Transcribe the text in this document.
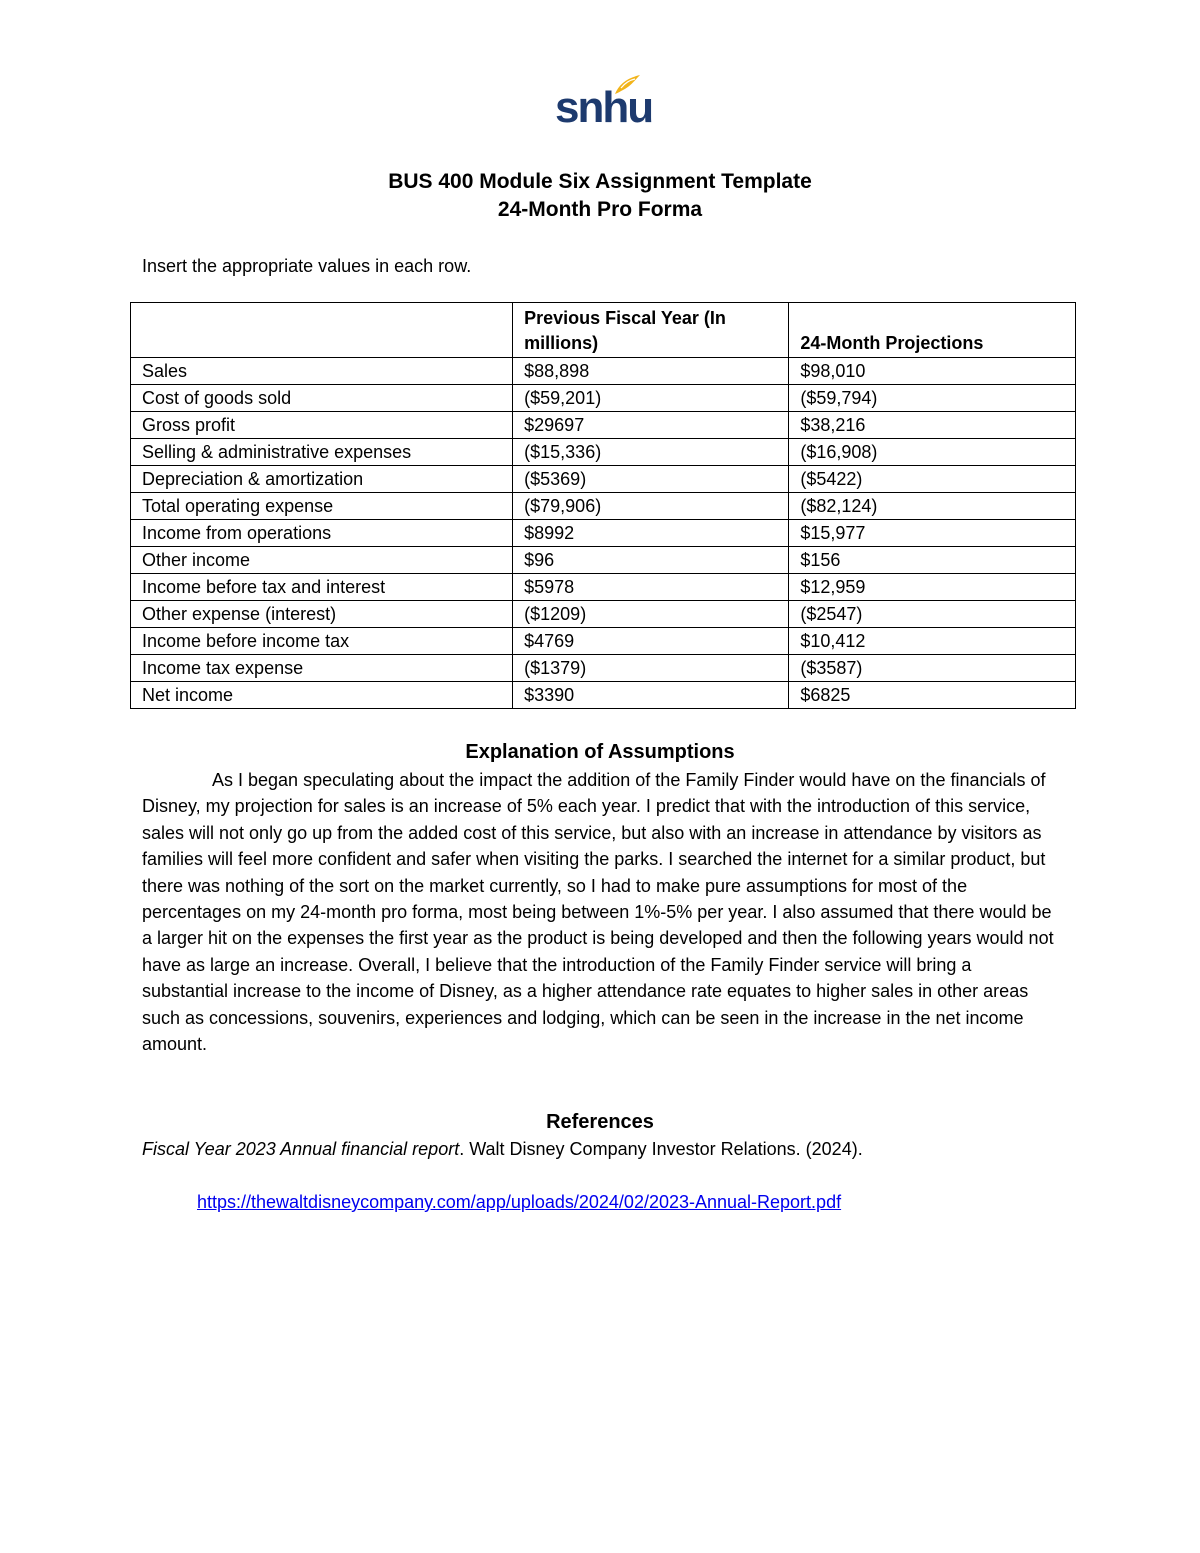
snhu
BUS 400 Module Six Assignment Template
24-Month Pro Forma
Insert the appropriate values in each row.
	Previous Fiscal Year (In millions)	24-Month Projections
Sales	$88,898	$98,010
Cost of goods sold	($59,201)	($59,794)
Gross profit	$29697	$38,216
Selling & administrative expenses	($15,336)	($16,908)
Depreciation & amortization	($5369)	($5422)
Total operating expense	($79,906)	($82,124)
Income from operations	$8992	$15,977
Other income	$96	$156
Income before tax and interest	$5978	$12,959
Other expense (interest)	($1209)	($2547)
Income before income tax	$4769	$10,412
Income tax expense	($1379)	($3587)
Net income	$3390	$6825
Explanation of Assumptions

As I began speculating about the impact the addition of the Family Finder would have on the financials of Disney, my projection for sales is an increase of 5% each year. I predict that with the introduction of this service, sales will not only go up from the added cost of this service, but also with an increase in attendance by visitors as families will feel more confident and safer when visiting the parks. I searched the internet for a similar product, but there was nothing of the sort on the market currently, so I had to make pure assumptions for most of the percentages on my 24-month pro forma, most being between 1%-5% per year. I also assumed that there would be a larger hit on the expenses the first year as the product is being developed and then the following years would not have as large an increase. Overall, I believe that the introduction of the Family Finder service will bring a substantial increase to the income of Disney, as a higher attendance rate equates to higher sales in other areas such as concessions, souvenirs, experiences and lodging, which can be seen in the increase in the net income amount.

References
Fiscal Year 2023 Annual financial report. Walt Disney Company Investor Relations. (2024).
https://thewaltdisneycompany.com/app/uploads/2024/02/2023-Annual-Report.pdf
